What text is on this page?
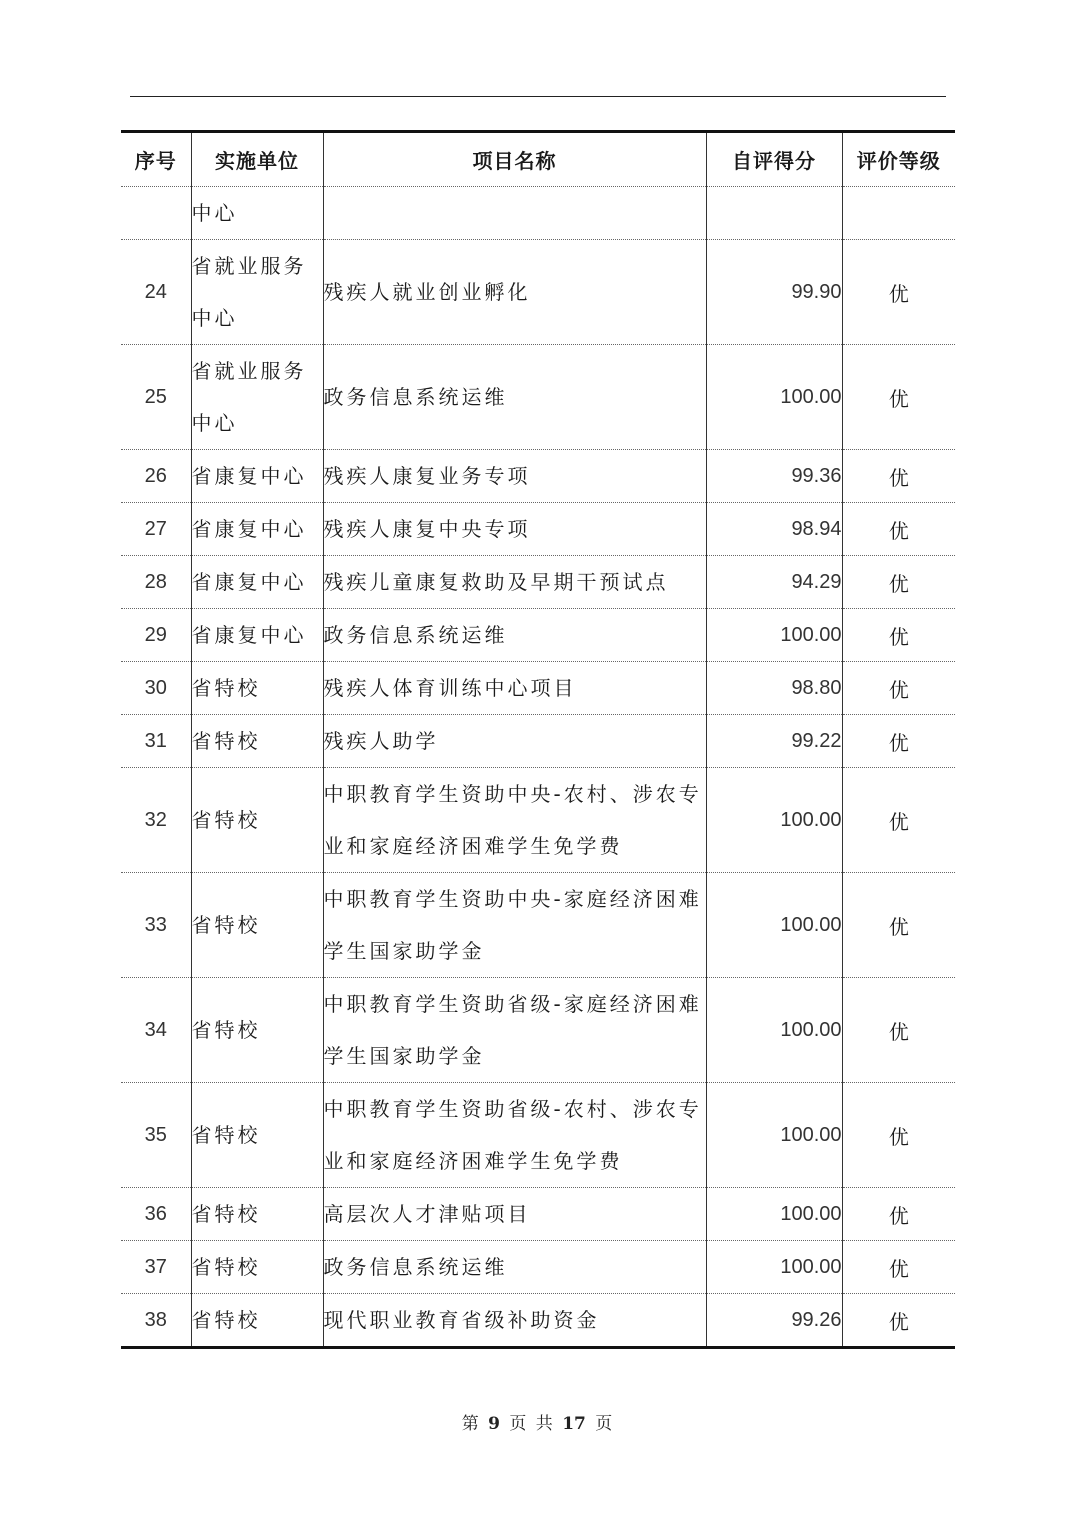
序号	实施单位	项目名称	自评得分	评价等级
	中心			
24	省就业服务中心	残疾人就业创业孵化	99.90	优
25	省就业服务中心	政务信息系统运维	100.00	优
26	省康复中心	残疾人康复业务专项	99.36	优
27	省康复中心	残疾人康复中央专项	98.94	优
28	省康复中心	残疾儿童康复救助及早期干预试点	94.29	优
29	省康复中心	政务信息系统运维	100.00	优
30	省特校	残疾人体育训练中心项目	98.80	优
31	省特校	残疾人助学	99.22	优
32	省特校	中职教育学生资助中央-农村、涉农专业和家庭经济困难学生免学费	100.00	优
33	省特校	中职教育学生资助中央-家庭经济困难学生国家助学金	100.00	优
34	省特校	中职教育学生资助省级-家庭经济困难学生国家助学金	100.00	优
35	省特校	中职教育学生资助省级-农村、涉农专业和家庭经济困难学生免学费	100.00	优
36	省特校	高层次人才津贴项目	100.00	优
37	省特校	政务信息系统运维	100.00	优
38	省特校	现代职业教育省级补助资金	99.26	优
第 9 页 共 17 页
